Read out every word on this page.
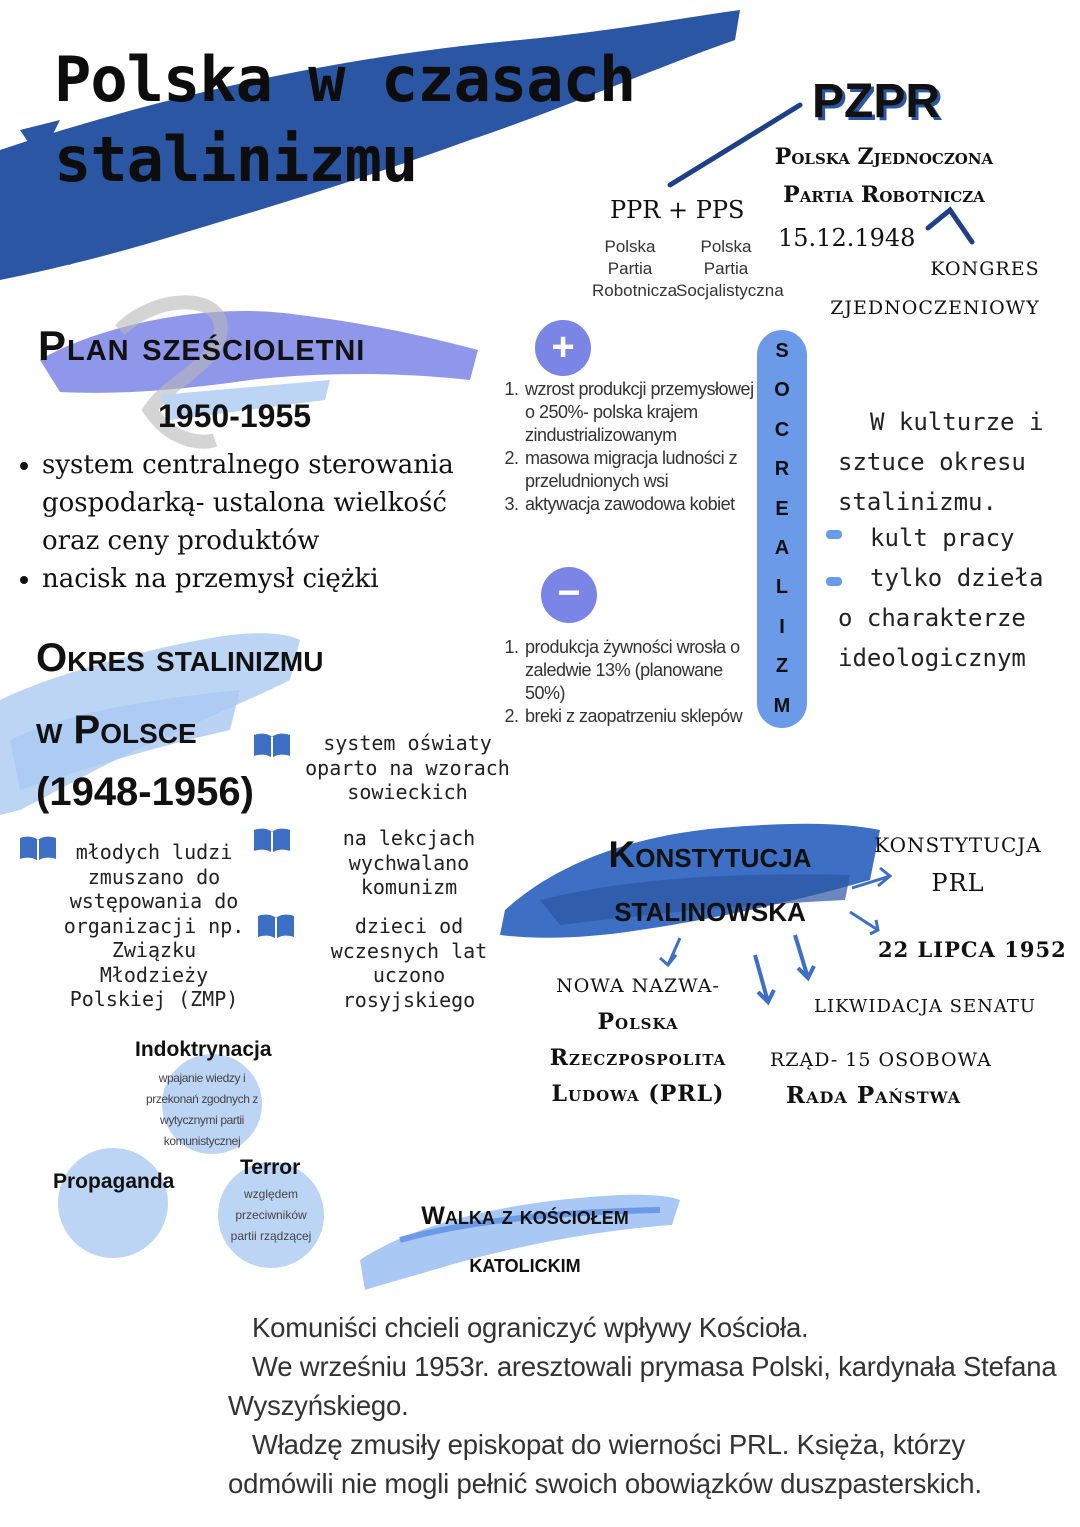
Polska w czasach
stalinizmu
PZPR
Polska Zjednoczona
Partia Robotnicza
15.12.1948
KONGRES
ZJEDNOCZENIOWY
PPR + PPS
Polska Partia Robotnicza
Polska Partia Socjalistyczna
Plan sześcioletni
1950-1955
• system centralnego sterowania gospodarką- ustalona wielkość oraz ceny produktów
• nacisk na przemysł ciężki
+
1. wzrost produkcji przemysłowej o 250%- polska krajem zindustrializowanym
2. masowa migracja ludności z przeludnionych wsi
3. aktywacja zawodowa kobiet
−
1. produkcja żywności wrosła o zaledwie 13% (planowane 50%)
2. breki z zaopatrzeniu sklepów
S
O
C
R
E
A
L
I
Z
M
W kulturze i sztuce okresu stalinizmu.
kult pracy
tylko dzieła o charakterze ideologicznym
Okres stalinizmu
w Polsce
(1948-1956)
system oświaty oparto na wzorach sowieckich
młodych ludzi zmuszano do wstępowania do organizacji np. Związku Młodzieży Polskiej (ZMP)
na lekcjach wychwalano komunizm
dzieci od wczesnych lat uczono rosyjskiego
Indoktrynacja
wpajanie wiedzy i przekonań zgodnych z wytycznymi partii komunistycznej
Propaganda
Terror
względem przeciwników partii rządzącej
Konstytucja
stalinowska
KONSTYTUCJA
PRL
22 LIPCA 1952
NOWA NAZWA-
Polska
Rzeczpospolita
Ludowa (PRL)
LIKWIDACJA SENATU
RZĄD- 15 OSOBOWA
Rada Państwa
Walka z kościołem
katolickim
Komuniści chcieli ograniczyć wpływy Kościoła.
We wrześniu 1953r. aresztowali prymasa Polski, kardynała Stefana Wyszyńskiego.
Władzę zmusiły episkopat do wierności PRL. Księża, którzy odmówili nie mogli pełnić swoich obowiązków duszpasterskich.
